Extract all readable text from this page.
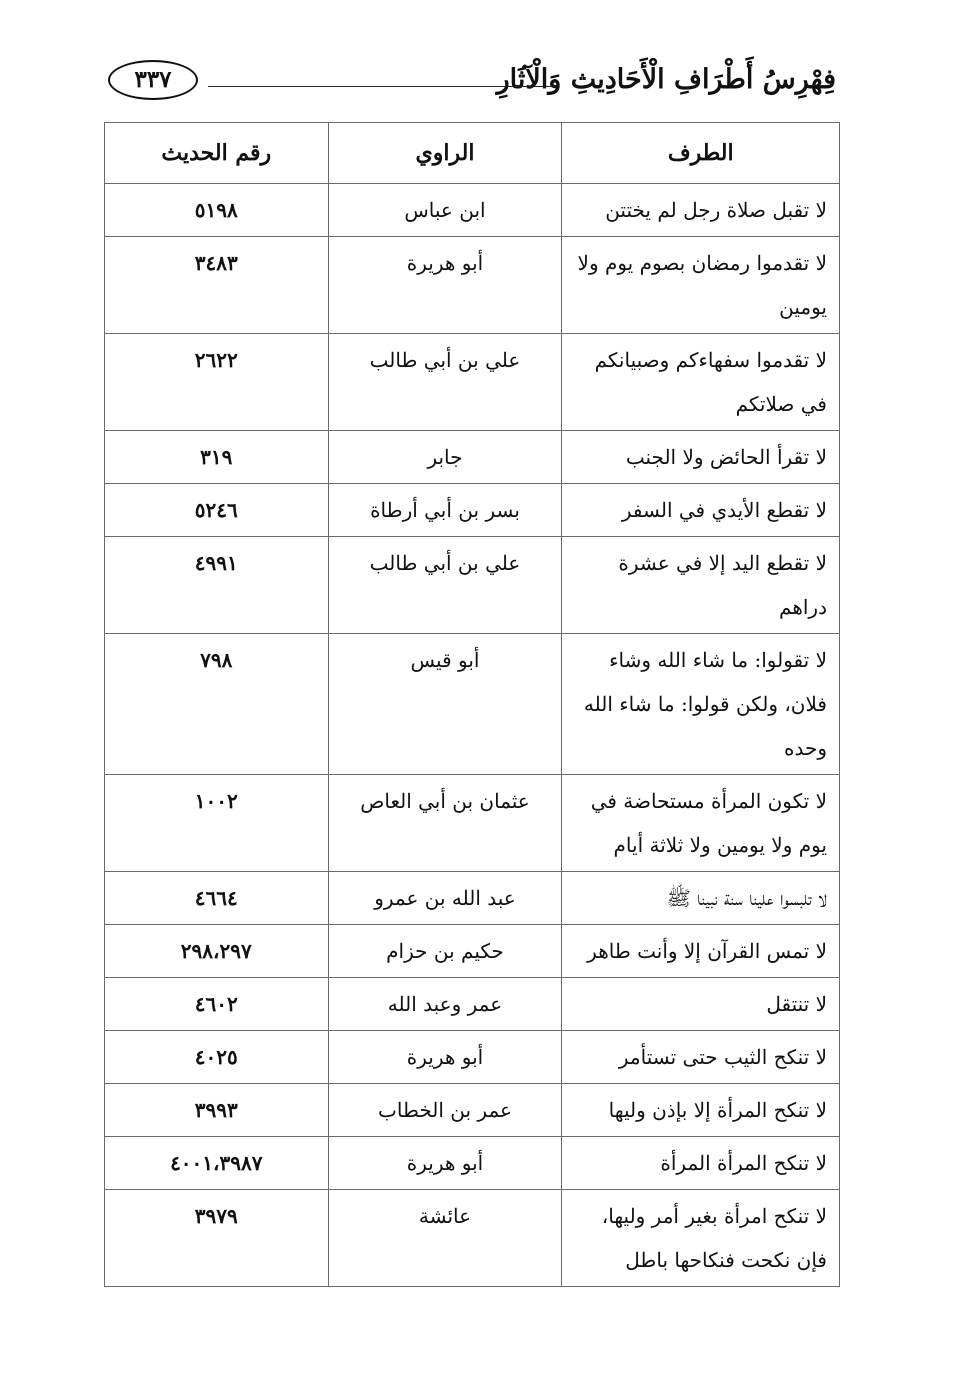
فِهْرِسُ أَطْرَافِ الْأَحَادِيثِ وَالْآثَارِ
٣٣٧
الطرف	الراوي	رقم الحديث
لا تقبل صلاة رجل لم يختتن	ابن عباس	٥١٩٨
لا تقدموا رمضان بصوم يوم ولا يومين	أبو هريرة	٣٤٨٣
لا تقدموا سفهاءكم وصبيانكم في صلاتكم	علي بن أبي طالب	٢٦٢٢
لا تقرأ الحائض ولا الجنب	جابر	٣١٩
لا تقطع الأيدي في السفر	بسر بن أبي أرطاة	٥٢٤٦
لا تقطع اليد إلا في عشرة دراهم	علي بن أبي طالب	٤٩٩١
لا تقولوا: ما شاء الله وشاء فلان، ولكن قولوا: ما شاء الله وحده	أبو قيس	٧٩٨
لا تكون المرأة مستحاضة في يوم ولا يومين ولا ثلاثة أيام	عثمان بن أبي العاص	١٠٠٢
لا تلبسوا علينا سنة نبينا ﷺ	عبد الله بن عمرو	٤٦٦٤
لا تمس القرآن إلا وأنت طاهر	حكيم بن حزام	٢٩٨،٢٩٧
لا تنتقل	عمر وعبد الله	٤٦٠٢
لا تنكح الثيب حتى تستأمر	أبو هريرة	٤٠٢٥
لا تنكح المرأة إلا بإذن وليها	عمر بن الخطاب	٣٩٩٣
لا تنكح المرأة المرأة	أبو هريرة	٤٠٠١،٣٩٨٧
لا تنكح امرأة بغير أمر وليها، فإن نكحت فنكاحها باطل	عائشة	٣٩٧٩
